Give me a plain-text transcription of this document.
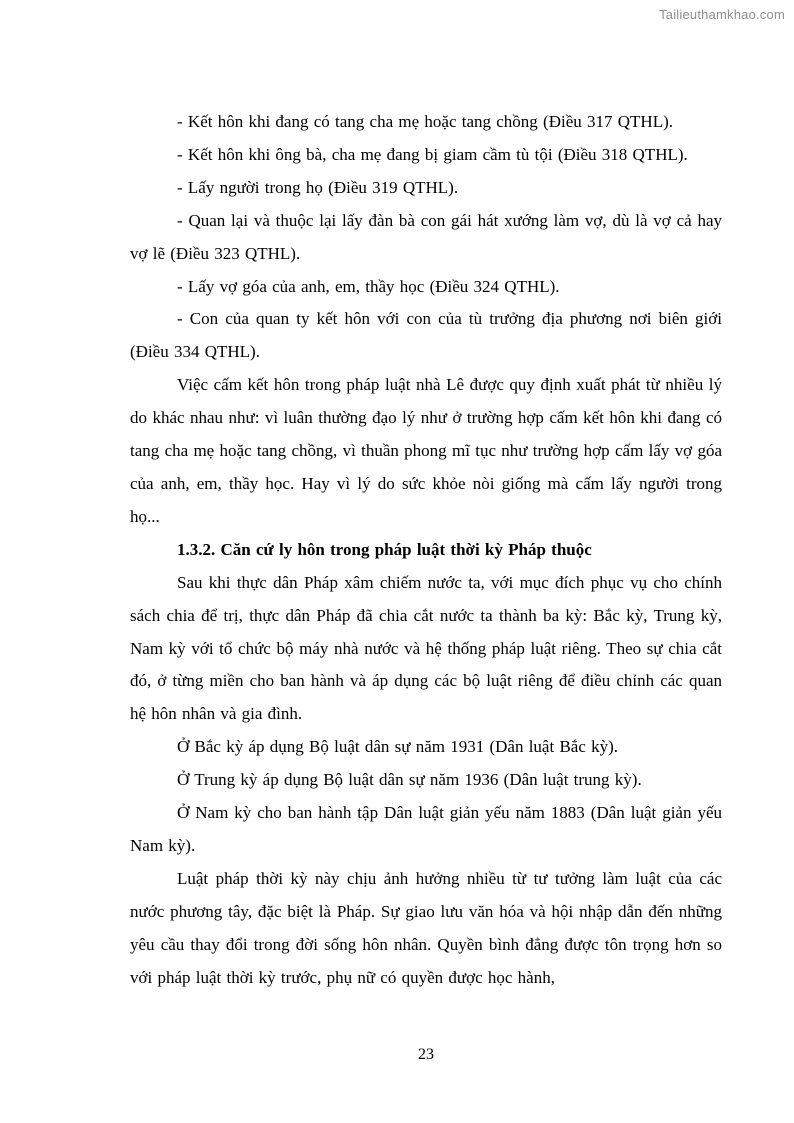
Tailieuthamkhao.com

- Kết hôn khi đang có tang cha mẹ hoặc tang chồng (Điều 317 QTHL).

- Kết hôn khi ông bà, cha mẹ đang bị giam cầm tù tội (Điều 318 QTHL).

- Lấy người trong họ (Điều 319 QTHL).

- Quan lại và thuộc lại lấy đàn bà con gái hát xướng làm vợ, dù là vợ cả hay vợ lẽ (Điều 323 QTHL).

- Lấy vợ góa của anh, em, thầy học (Điều 324 QTHL).

- Con của quan ty kết hôn với con của tù trưởng địa phương nơi biên giới (Điều 334 QTHL).

Việc cấm kết hôn trong pháp luật nhà Lê được quy định xuất phát từ nhiều lý do khác nhau như: vì luân thường đạo lý như ở trường hợp cấm kết hôn khi đang có tang cha mẹ hoặc tang chồng, vì thuần phong mĩ tục như trường hợp cấm lấy vợ góa của anh, em, thầy học. Hay vì lý do sức khỏe nòi giống mà cấm lấy người trong họ...

1.3.2. Căn cứ ly hôn trong pháp luật thời kỳ Pháp thuộc

Sau khi thực dân Pháp xâm chiếm nước ta, với mục đích phục vụ cho chính sách chia để trị, thực dân Pháp đã chia cắt nước ta thành ba kỳ: Bắc kỳ, Trung kỳ, Nam kỳ với tổ chức bộ máy nhà nước và hệ thống pháp luật riêng. Theo sự chia cắt đó, ở từng miền cho ban hành và áp dụng các bộ luật riêng để điều chỉnh các quan hệ hôn nhân và gia đình.

Ở Bắc kỳ áp dụng Bộ luật dân sự năm 1931 (Dân luật Bắc kỳ).

Ở Trung kỳ áp dụng Bộ luật dân sự năm 1936 (Dân luật trung kỳ).

Ở Nam kỳ cho ban hành tập Dân luật giản yếu năm 1883 (Dân luật giản yếu Nam kỳ).

Luật pháp thời kỳ này chịu ảnh hưởng nhiều từ tư tưởng làm luật của các nước phương tây, đặc biệt là Pháp. Sự giao lưu văn hóa và hội nhập dẫn đến những yêu cầu thay đổi trong đời sống hôn nhân. Quyền bình đẳng được tôn trọng hơn so với pháp luật thời kỳ trước, phụ nữ có quyền được học hành,

23
